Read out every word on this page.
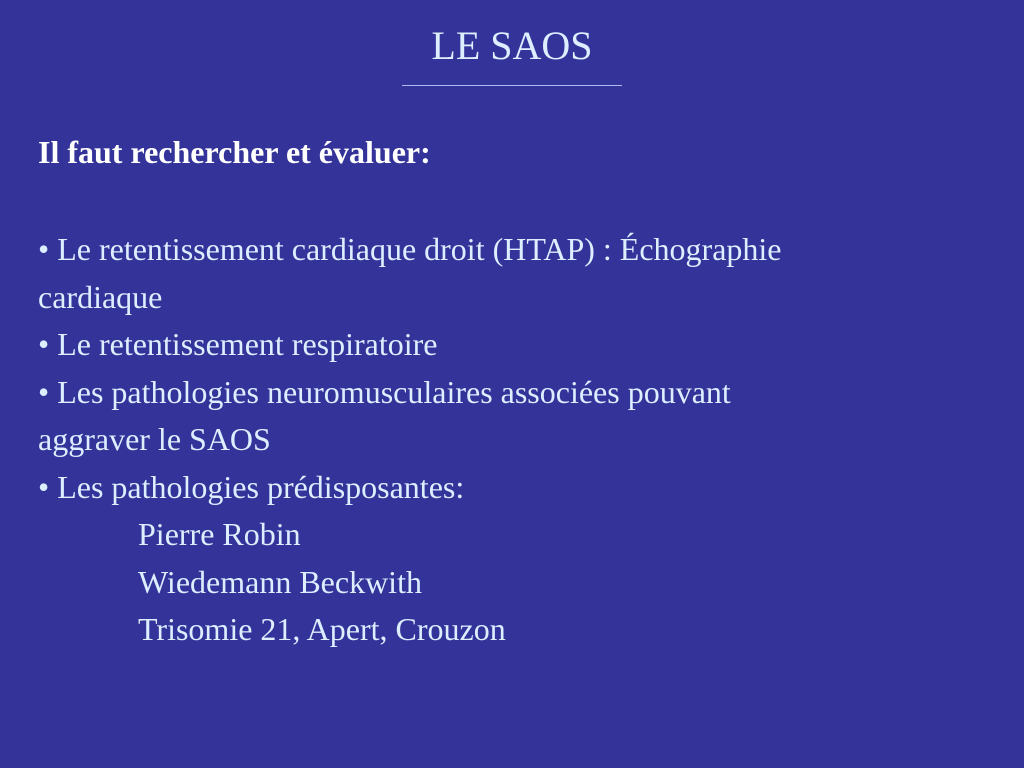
LE SAOS
Il faut rechercher et évaluer:
• Le retentissement cardiaque droit (HTAP) : Échographie
cardiaque
• Le retentissement respiratoire
• Les pathologies neuromusculaires associées pouvant
aggraver le SAOS
• Les pathologies prédisposantes:
Pierre Robin
Wiedemann Beckwith
Trisomie 21, Apert, Crouzon
